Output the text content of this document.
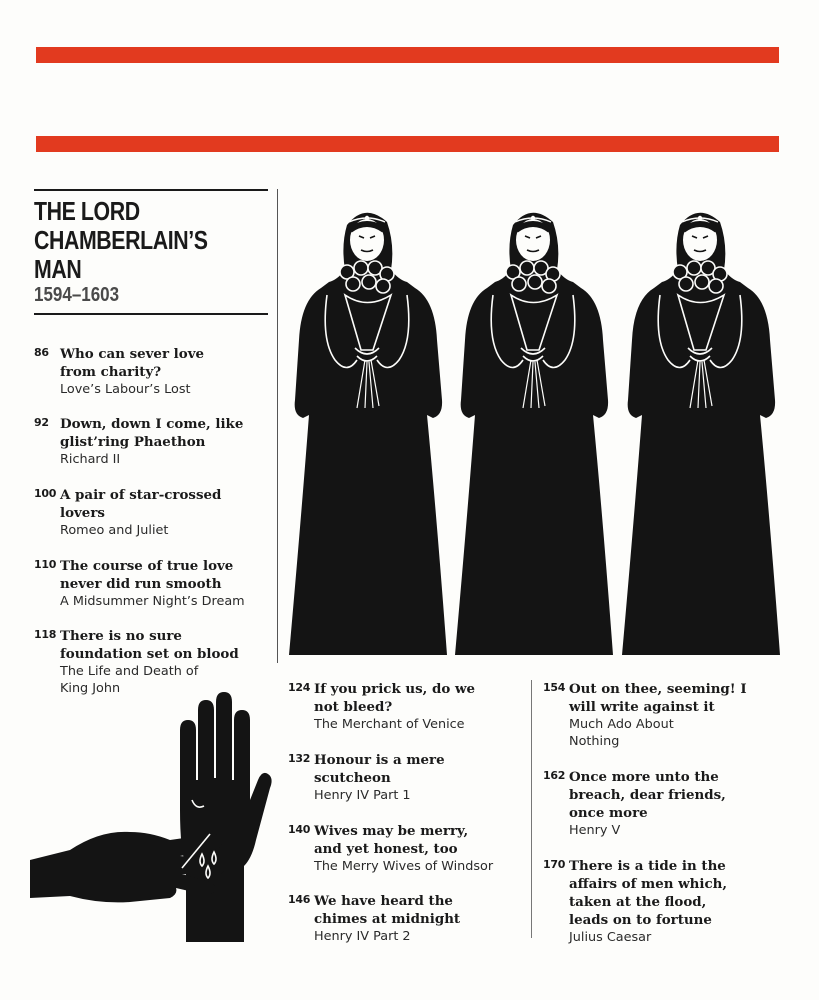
THE LORD
CHAMBERLAIN’S
MAN
1594–1603
86 Who can sever love from charity?
Love’s Labour’s Lost
92 Down, down I come, like glist’ring Phaethon
Richard II
100 A pair of star-crossed lovers
Romeo and Juliet
110 The course of true love never did run smooth
A Midsummer Night’s Dream
118 There is no sure foundation set on blood
The Life and Death of King John	124 If you prick us, do we not bleed?
The Merchant of Venice
132 Honour is a mere scutcheon
Henry IV Part 1
140 Wives may be merry, and yet honest, too
The Merry Wives of Windsor
146 We have heard the chimes at midnight
Henry IV Part 2
154 Out on thee, seeming! I will write against it
Much Ado About Nothing
162 Once more unto the breach, dear friends, once more
Henry V
170 There is a tide in the affairs of men which, taken at the flood, leads on to fortune
Julius Caesar
